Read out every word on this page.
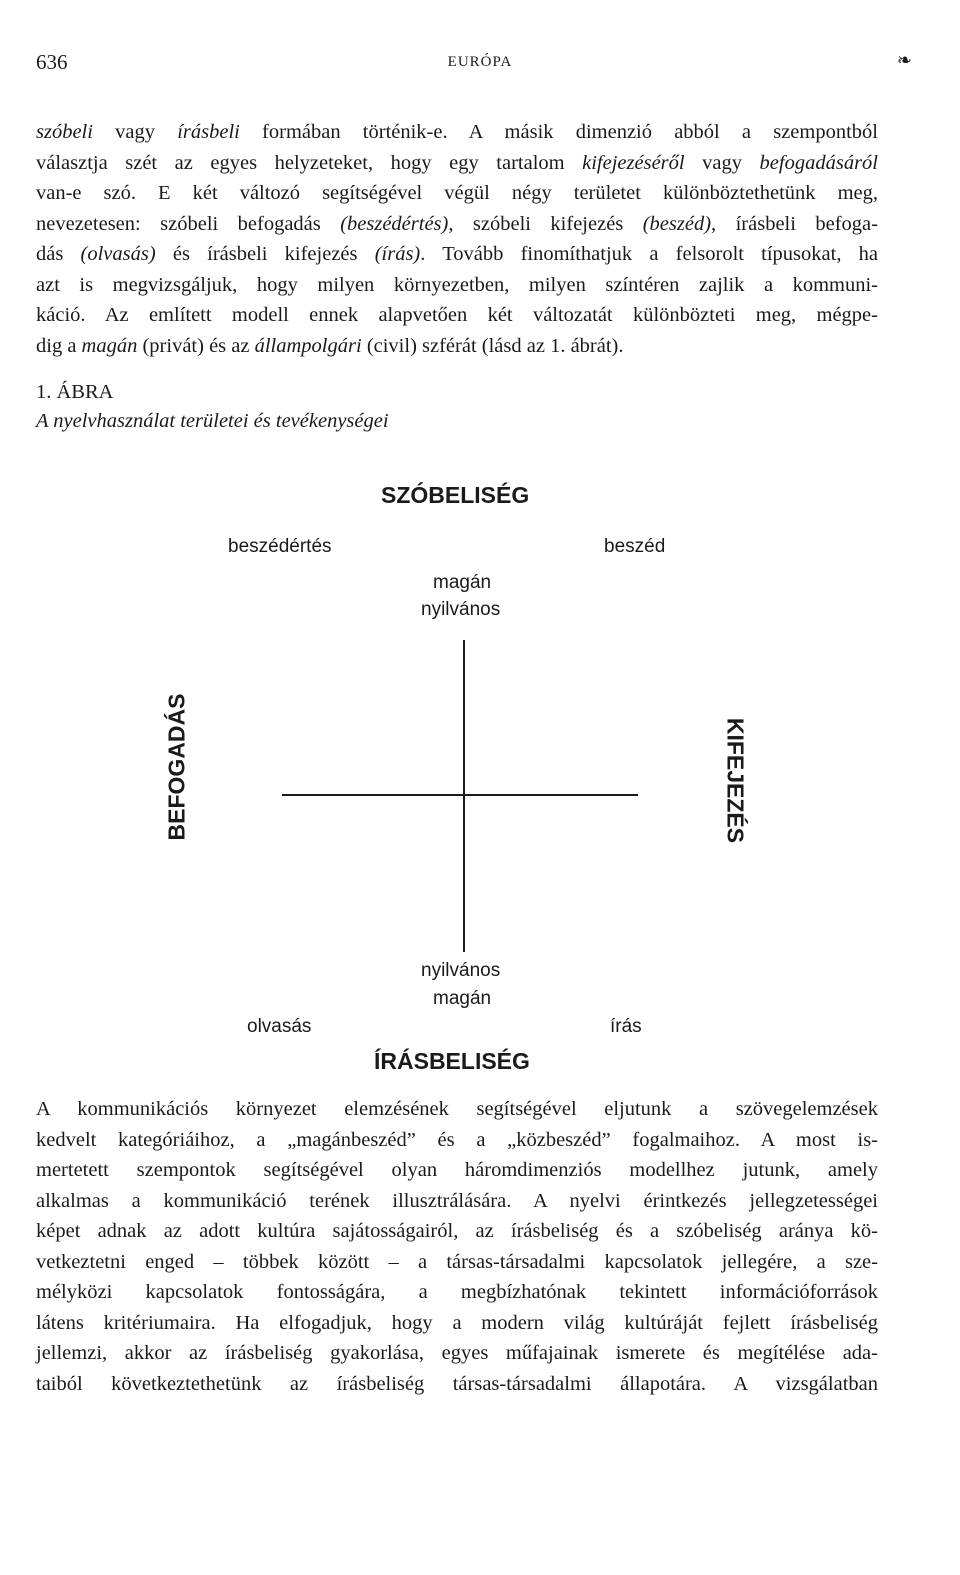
636	EURÓPA	❧
szóbeli vagy írásbeli formában történik-e. A másik dimenzió abból a szempontból
választja szét az egyes helyzeteket, hogy egy tartalom kifejezéséről vagy befogadásáról
van-e szó. E két változó segítségével végül négy területet különböztethetünk meg,
nevezetesen: szóbeli befogadás (beszédértés), szóbeli kifejezés (beszéd), írásbeli befoga-
dás (olvasás) és írásbeli kifejezés (írás). Tovább finomíthatjuk a felsorolt típusokat, ha
azt is megvizsgáljuk, hogy milyen környezetben, milyen színtéren zajlik a kommuni-
káció. Az említett modell ennek alapvetően két változatát különbözteti meg, mégpe-
dig a magán (privát) és az állampolgári (civil) szférát (lásd az 1. ábrát).
1. ÁBRA
A nyelvhasználat területei és tevékenységei
SZÓBELISÉG
beszédértés	beszéd
magán
nyilvános
BEFOGADÁS	KIFEJEZÉS
nyilvános
magán
olvasás	írás
ÍRÁSBELISÉG
A kommunikációs környezet elemzésének segítségével eljutunk a szövegelemzések
kedvelt kategóriáihoz, a „magánbeszéd” és a „közbeszéd” fogalmaihoz. A most is-
mertetett szempontok segítségével olyan háromdimenziós modellhez jutunk, amely
alkalmas a kommunikáció terének illusztrálására. A nyelvi érintkezés jellegzetességei
képet adnak az adott kultúra sajátosságairól, az írásbeliség és a szóbeliség aránya kö-
vetkeztetni enged – többek között – a társas-társadalmi kapcsolatok jellegére, a sze-
mélyközi kapcsolatok fontosságára, a megbízhatónak tekintett információforrások
látens kritériumaira. Ha elfogadjuk, hogy a modern világ kultúráját fejlett írásbeliség
jellemzi, akkor az írásbeliség gyakorlása, egyes műfajainak ismerete és megítélése ada-
taiból következtethetünk az írásbeliség társas-társadalmi állapotára. A vizsgálatban
